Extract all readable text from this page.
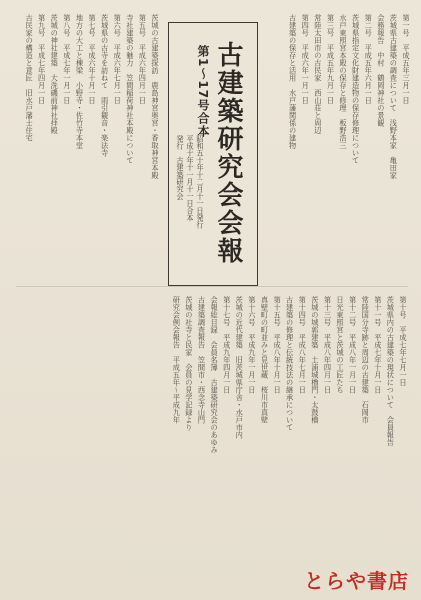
第一号　平成五年三月一日

茨城県古建築の調査について　浅野本家　亀田家

会務報告　中村　鶴岡神社の景観

第二号　平成五年六月一日

茨城県指定文化財建造物の保存修理について

水戸東照宮本殿の保存と修理　板野浩三

第三号　平成五年九月一日

常陸太田市の古民家　西山荘と周辺

第四号　平成六年一月一日

古建築の保存と活用　水戸藩関係の建物

古建築研究会会報
第1〜17号合本
昭和五十年十二月十一日発行
平成十年十一月十一日合本
発行　古建築研究会

茨城の古建築探訪　鹿島神宮奥宮・香取神宮本殿

第五号　平成六年四月一日

寺社建築の魅力　笠間稲荷神社本殿について

第六号　平成六年七月一日

茨城県の古寺を訪ねて　雨引観音・楽法寺

第七号　平成六年十月一日

地方の大工と棟梁　小野寺・佐竹寺本堂

第八号　平成七年一月一日

茨城の神社建築　大洗磯前神社拝殿

第九号　平成七年四月一日

古民家の構造と意匠　旧水戸藩士住宅

第十号　平成七年七月一日

茨城県内の古建築の現状について　会員報告

第十一号　平成七年十月一日

常陸国分寺跡と周辺の古建築　石岡市

第十二号　平成八年一月一日

日光東照宮と茨城の工匠たち

第十三号　平成八年四月一日

茨城の城郭建築　土浦城櫓門・太鼓櫓

第十四号　平成八年七月一日

古建築の修理と伝統技法の継承について

第十五号　平成八年十月一日

真壁町の町並みと見世蔵　桜川市真壁

第十六号　平成九年一月一日

茨城の近代建築　旧茨城県庁舎・水戸市内

第十七号　平成九年四月一日

会報総目録　会員名簿　古建築研究会のあゆみ

古建築調査報告　笠間市・西念寺山門

茨城の社寺と民家　会員の見学記録より

研究会例会報告　平成五年〜平成九年

とらや書店
